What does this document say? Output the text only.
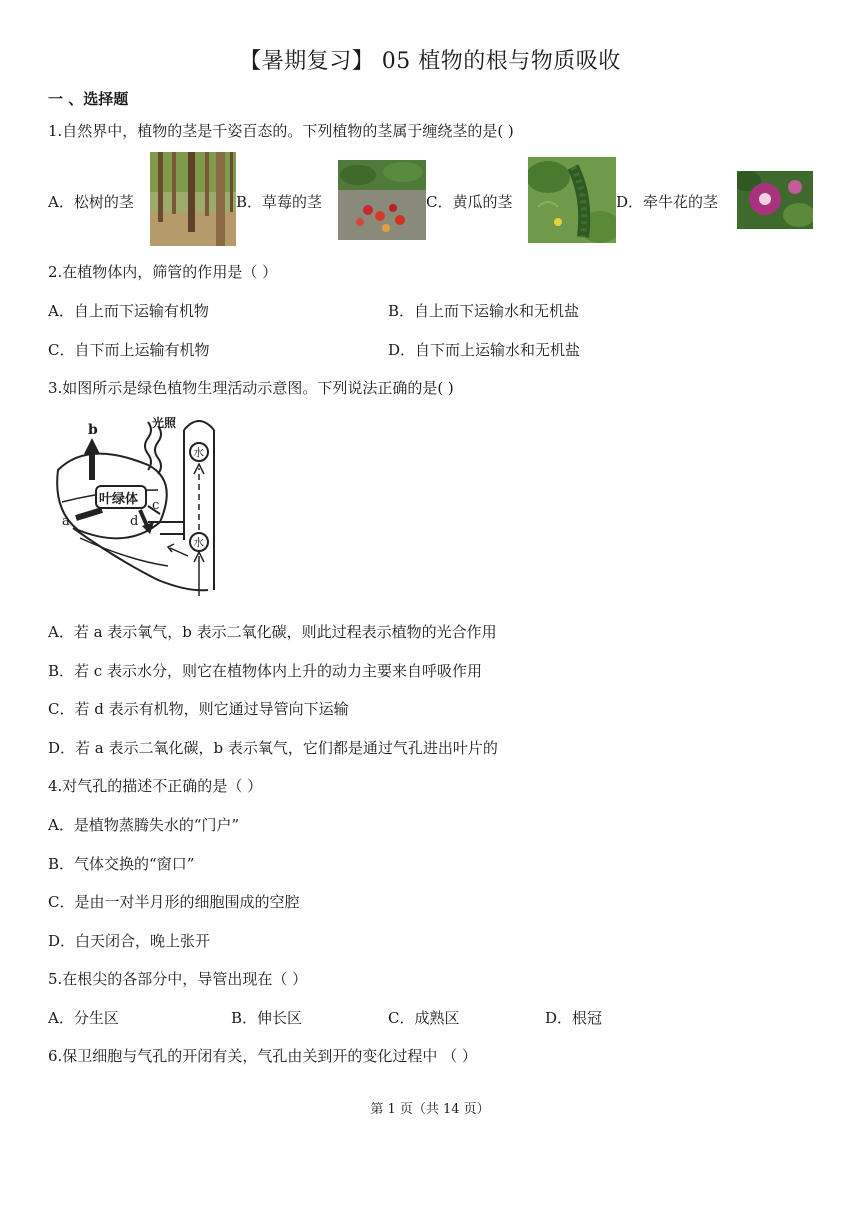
【暑期复习】 05 植物的根与物质吸收
一 、选择题
1.自然界中，植物的茎是千姿百态的。下列植物的茎属于缠绕茎的是( )
A．松树的茎	B．草莓的茎	C．黄瓜的茎	D．牵牛花的茎
2.在植物体内，筛管的作用是（ ）
A．自上而下运输有机物	B．自上而下运输水和无机盐
C．自下而上运输有机物	D．自下而上运输水和无机盐
3.如图所示是绿色植物生理活动示意图。下列说法正确的是( )
光照
b
叶绿体
a	d
c
水
水
A．若 a 表示氧气，b 表示二氧化碳，则此过程表示植物的光合作用
B．若 c 表示水分，则它在植物体内上升的动力主要来自呼吸作用
C．若 d 表示有机物，则它通过导管向下运输
D．若 a 表示二氧化碳，b 表示氧气，它们都是通过气孔进出叶片的
4.对气孔的描述不正确的是（ ）
A．是植物蒸腾失水的“门户”
B．气体交换的“窗口”
C．是由一对半月形的细胞围成的空腔
D．白天闭合，晚上张开
5.在根尖的各部分中，导管出现在（ ）
A．分生区	B．伸长区	C．成熟区	D．根冠
6.保卫细胞与气孔的开闭有关，气孔由关到开的变化过程中 （ ）
第 1 页（共 14 页）
